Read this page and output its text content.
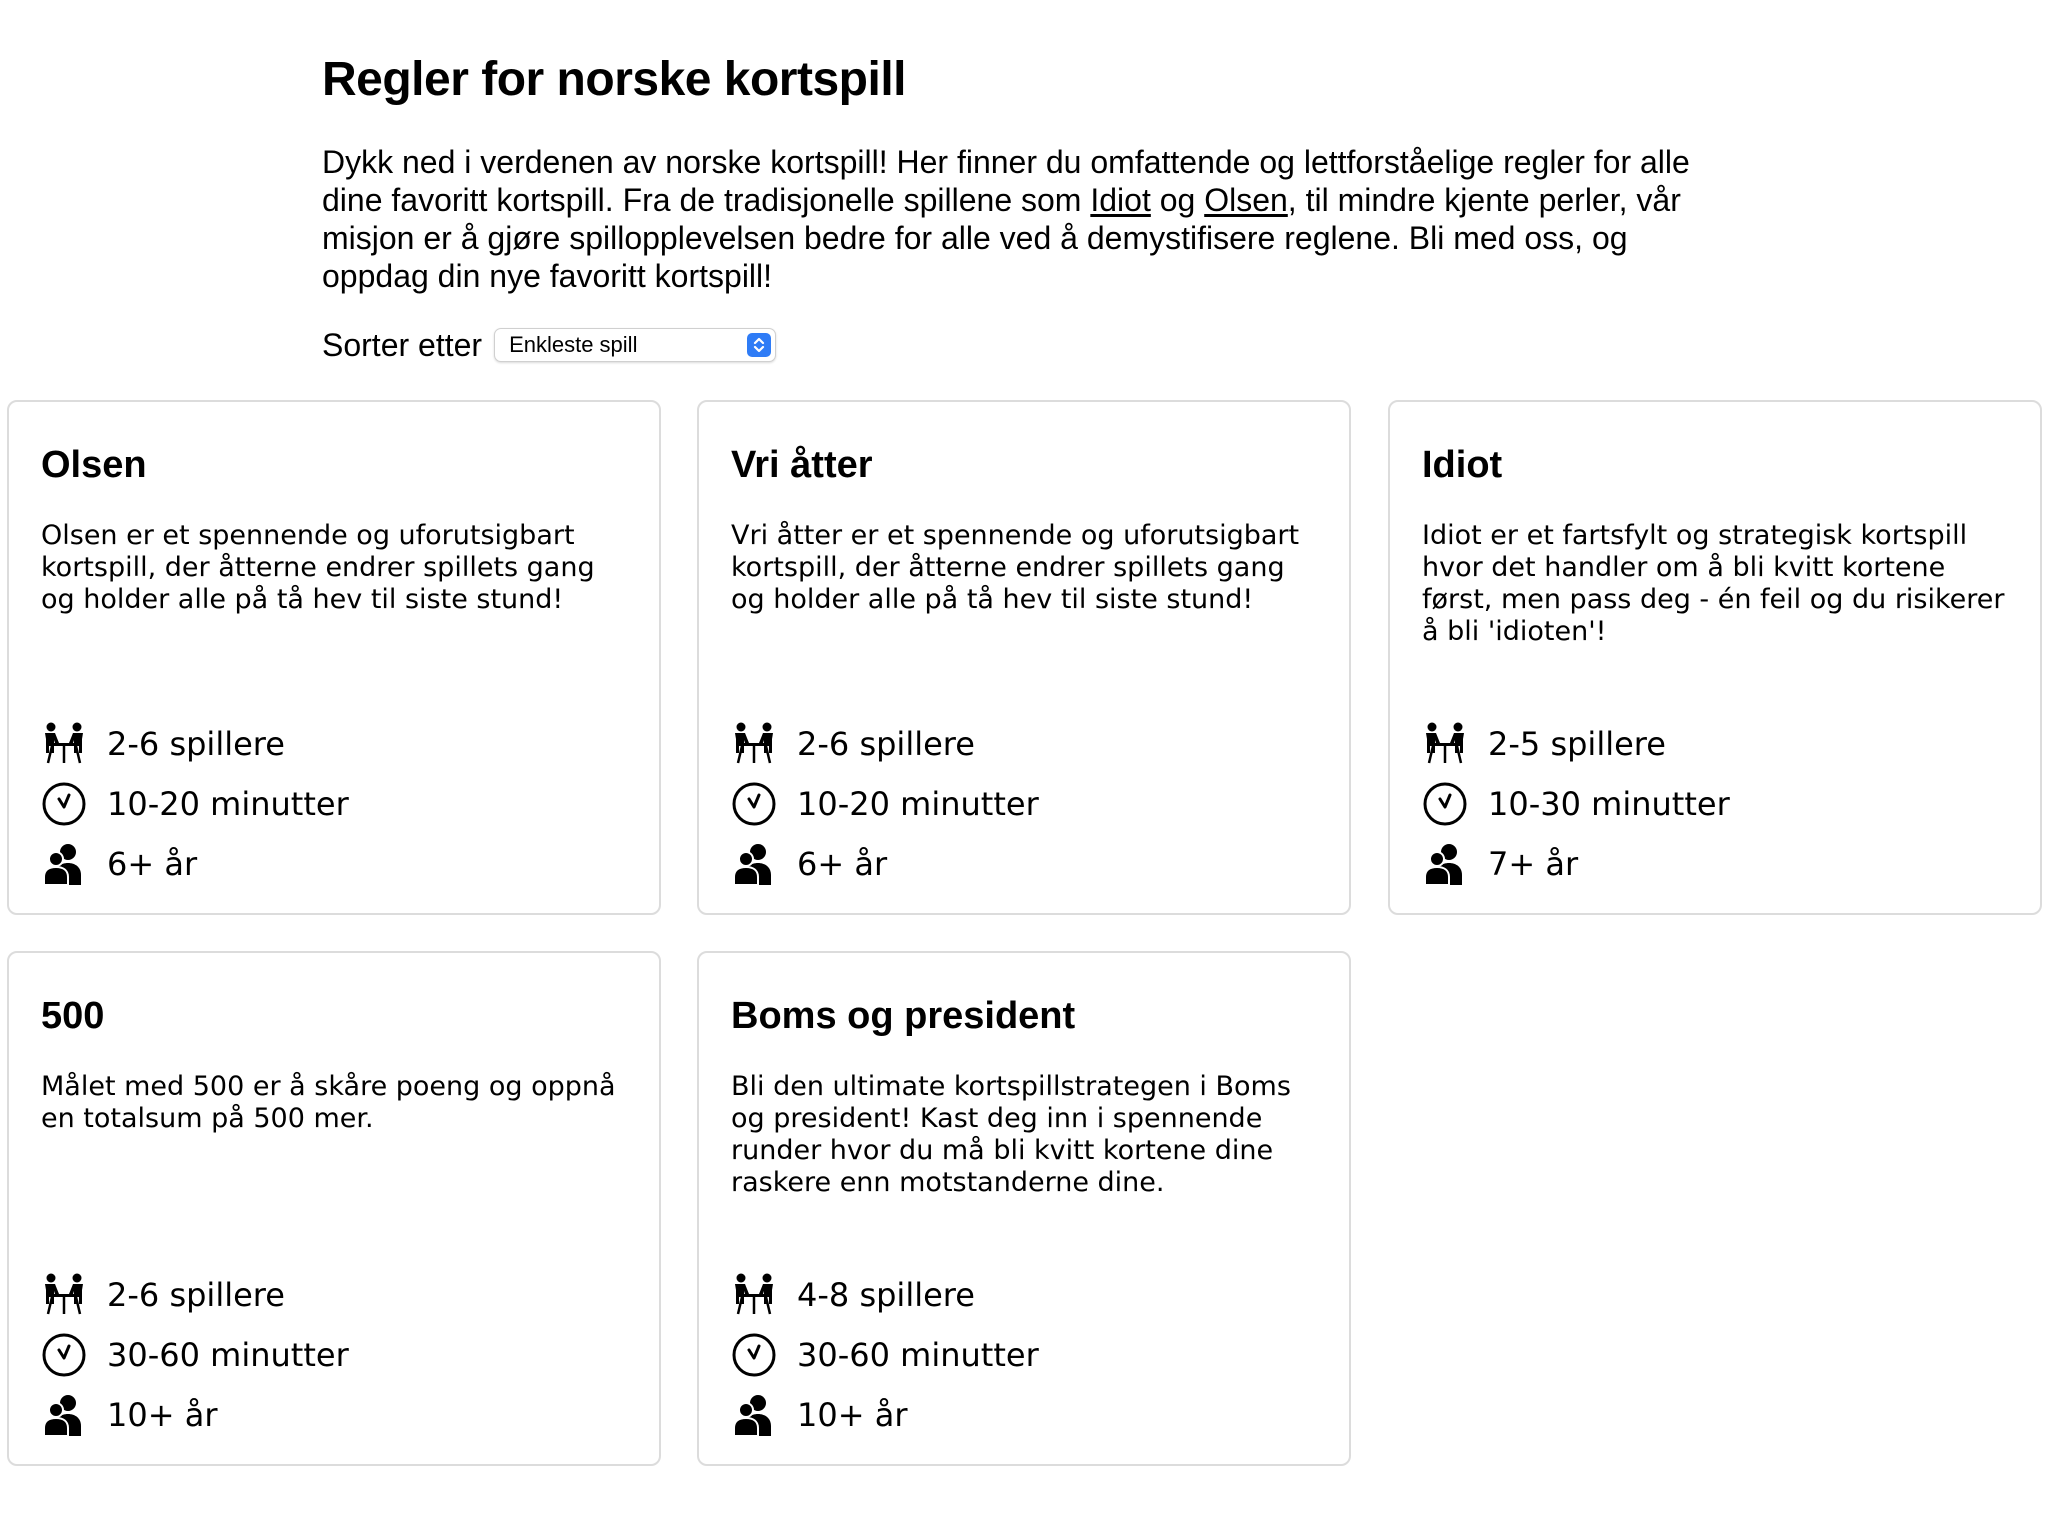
Regler for norske kortspill

Dykk ned i verdenen av norske kortspill! Her finner du omfattende og lettforståelige regler for alle dine favoritt kortspill. Fra de tradisjonelle spillene som Idiot og Olsen, til mindre kjente perler, vår misjon er å gjøre spillopplevelsen bedre for alle ved å demystifisere reglene. Bli med oss, og oppdag din nye favoritt kortspill!

Sorter etter Enkleste spill
Olsen

Olsen er et spennende og uforutsigbart kortspill, der åtterne endrer spillets gang og holder alle på tå hev til siste stund!

2-6 spillere
10-20 minutter
6+ år
Vri åtter

Vri åtter er et spennende og uforutsigbart kortspill, der åtterne endrer spillets gang og holder alle på tå hev til siste stund!

2-6 spillere
10-20 minutter
6+ år
Idiot

Idiot er et fartsfylt og strategisk kortspill hvor det handler om å bli kvitt kortene først, men pass deg - én feil og du risikerer å bli 'idioten'!

2-5 spillere
10-30 minutter
7+ år
500

Målet med 500 er å skåre poeng og oppnå en totalsum på 500 mer.

2-6 spillere
30-60 minutter
10+ år
Boms og president

Bli den ultimate kortspillstrategen i Boms og president! Kast deg inn i spennende runder hvor du må bli kvitt kortene dine raskere enn motstanderne dine.

4-8 spillere
30-60 minutter
10+ år
